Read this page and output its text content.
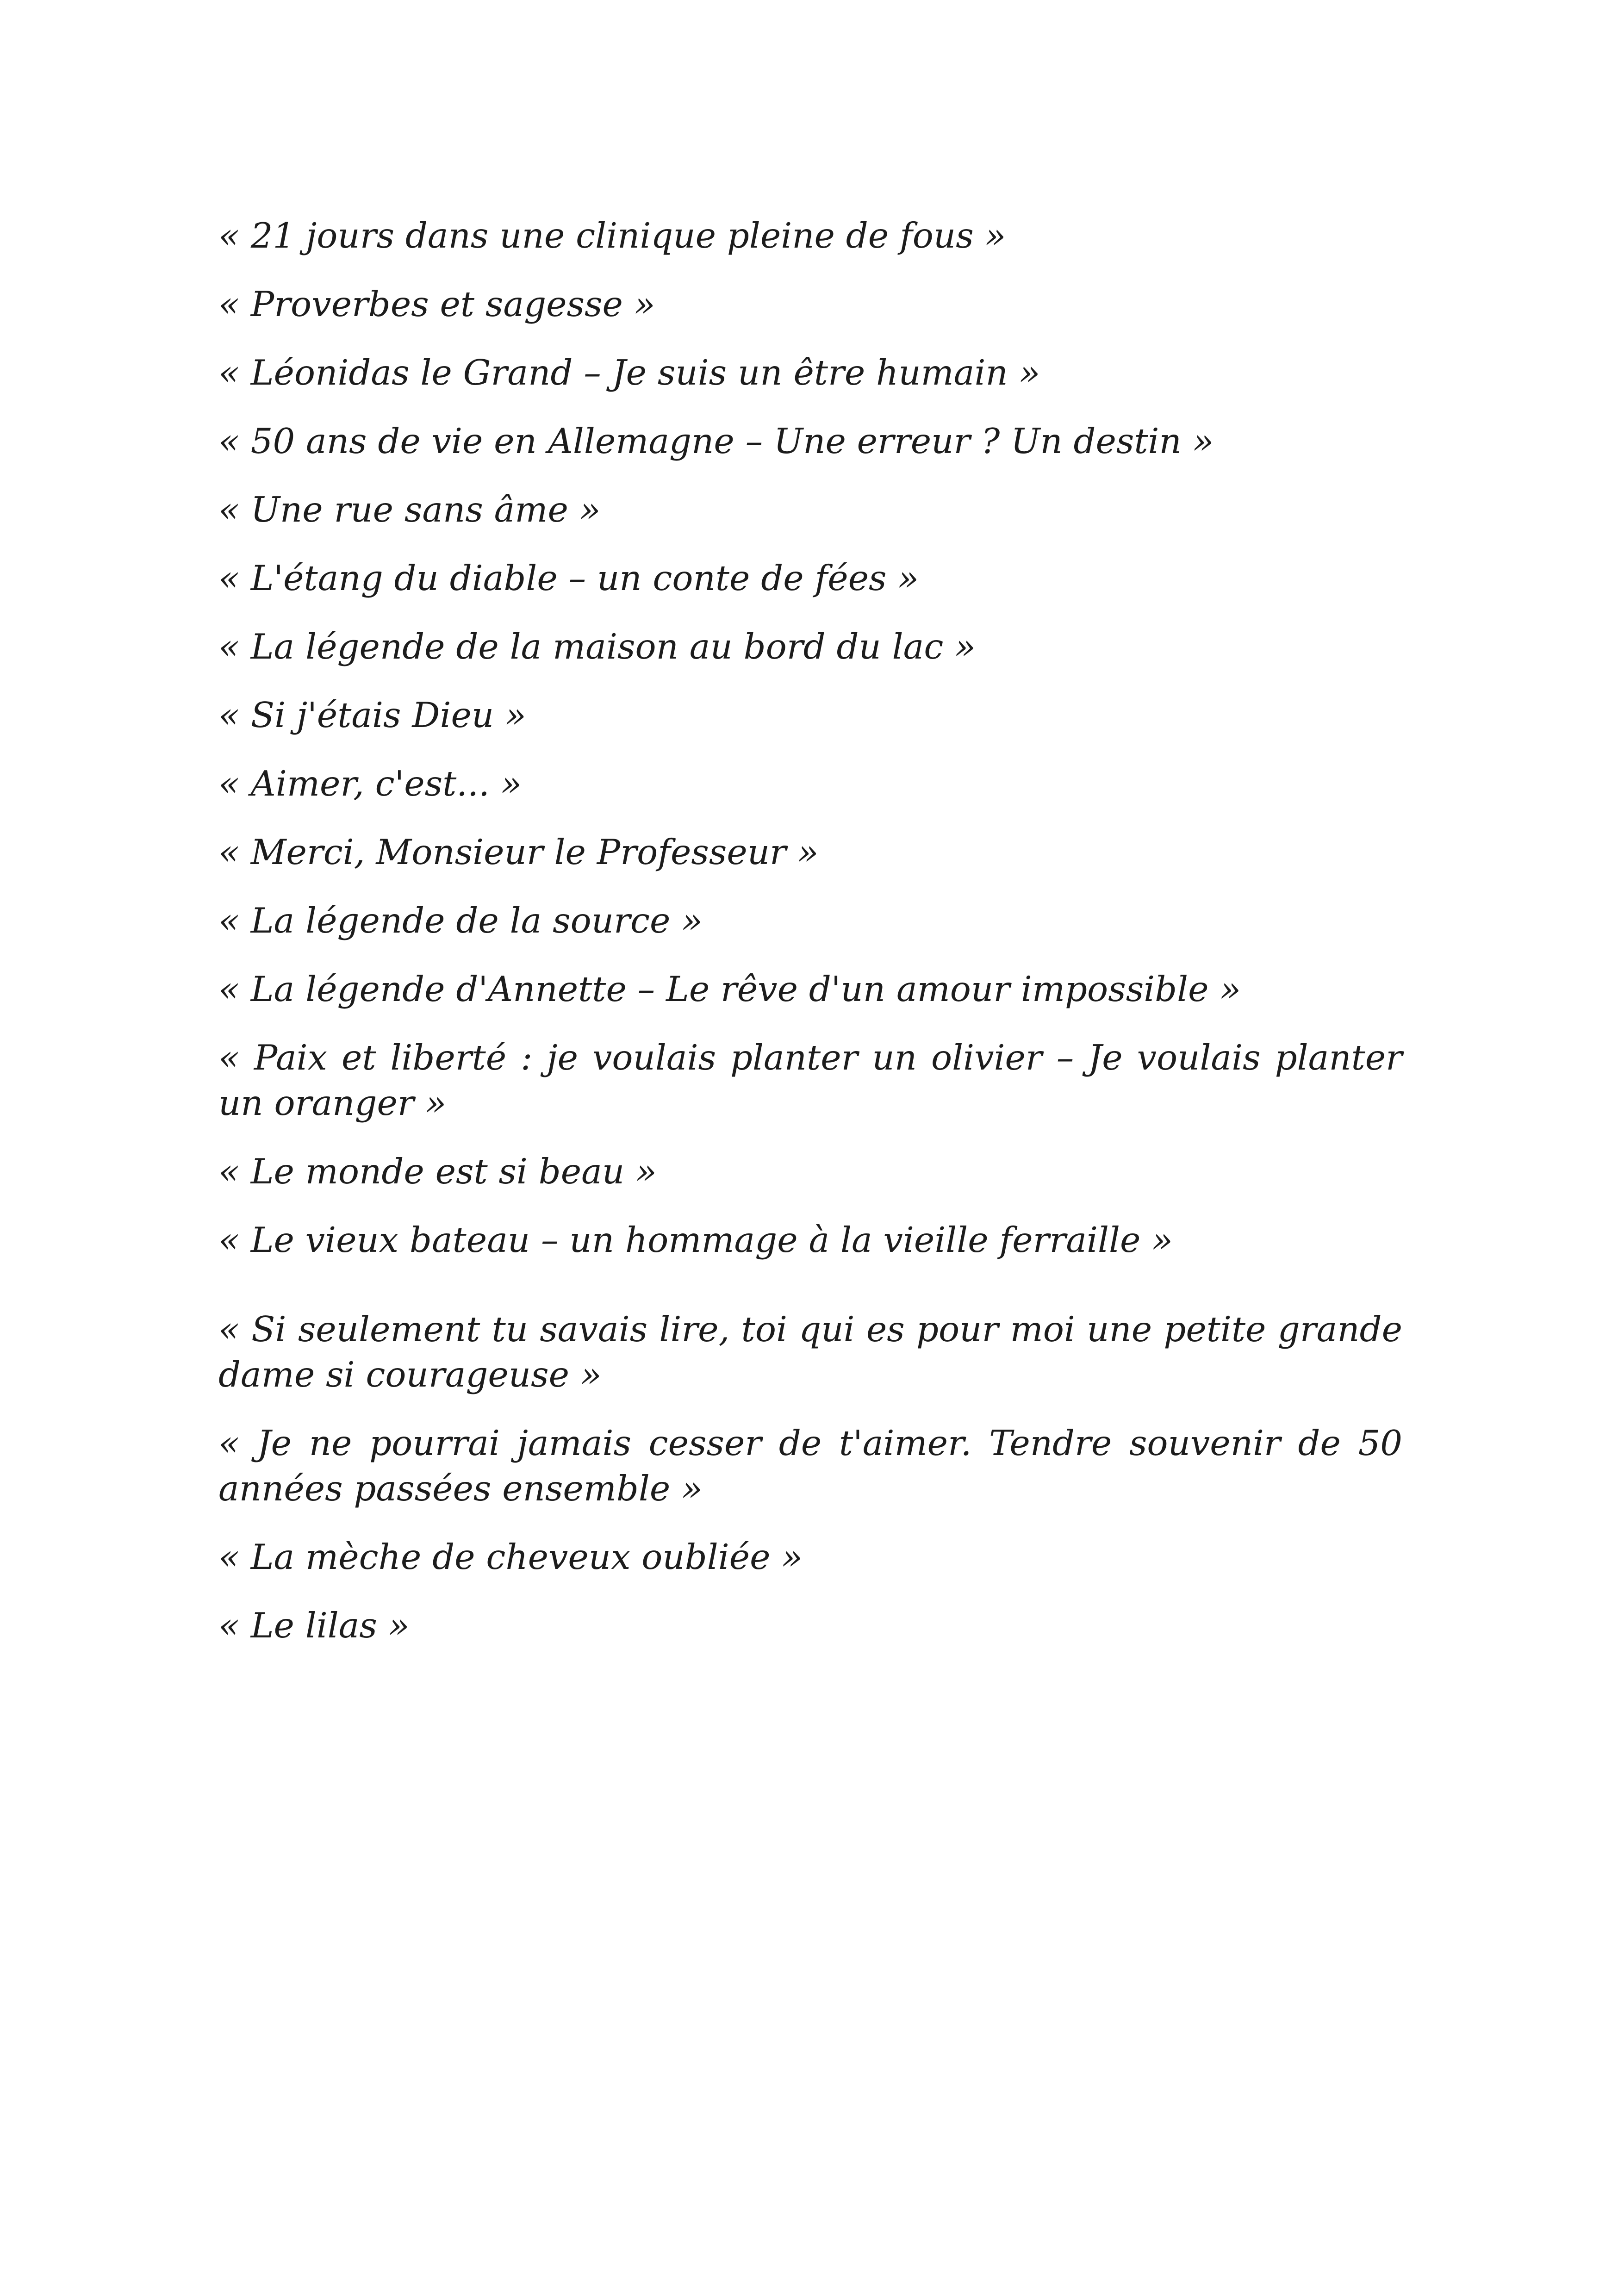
« 21 jours dans une clinique pleine de fous »
« Proverbes et sagesse »
« Léonidas le Grand – Je suis un être humain »
« 50 ans de vie en Allemagne – Une erreur ? Un destin »
« Une rue sans âme »
« L'étang du diable – un conte de fées »
« La légende de la maison au bord du lac »
« Si j'étais Dieu »
« Aimer, c'est... »
« Merci, Monsieur le Professeur »
« La légende de la source »
« La légende d'Annette – Le rêve d'un amour impossible »
« Paix et liberté : je voulais planter un olivier – Je voulais planter un oranger »
« Le monde est si beau »
« Le vieux bateau – un hommage à la vieille ferraille »
« Si seulement tu savais lire, toi qui es pour moi une petite grande dame si courageuse »
« Je ne pourrai jamais cesser de t'aimer. Tendre souvenir de 50 années passées ensemble »
« La mèche de cheveux oubliée »
« Le lilas »
